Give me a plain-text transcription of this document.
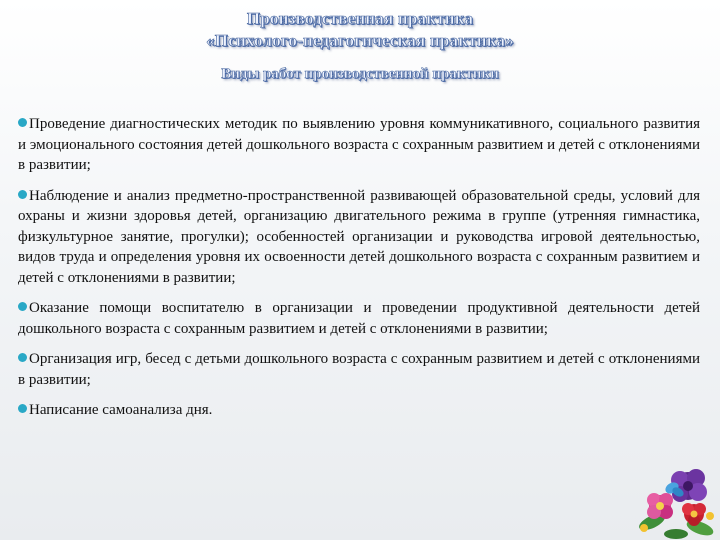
Производственная практика
«Психолого-педагогическая практика»
Виды работ производственной практики
Проведение диагностических методик по выявлению уровня коммуникативного, социального развития и эмоционального состояния детей дошкольного возраста с сохранным развитием и детей с отклонениями в развитии;
Наблюдение и анализ предметно-пространственной развивающей образовательной среды, условий для охраны и жизни здоровья детей, организацию двигательного режима в группе (утренняя гимнастика, физкультурное занятие, прогулки); особенностей организации и руководства игровой деятельностью, видов труда и определения уровня их освоенности детей дошкольного возраста с сохранным развитием и детей с отклонениями в развитии;
Оказание помощи воспитателю в организации и проведении продуктивной деятельности детей дошкольного возраста с сохранным развитием и детей с отклонениями в развитии;
Организация игр, бесед с детьми дошкольного возраста с сохранным развитием и детей с отклонениями в развитии;
Написание самоанализа дня.
